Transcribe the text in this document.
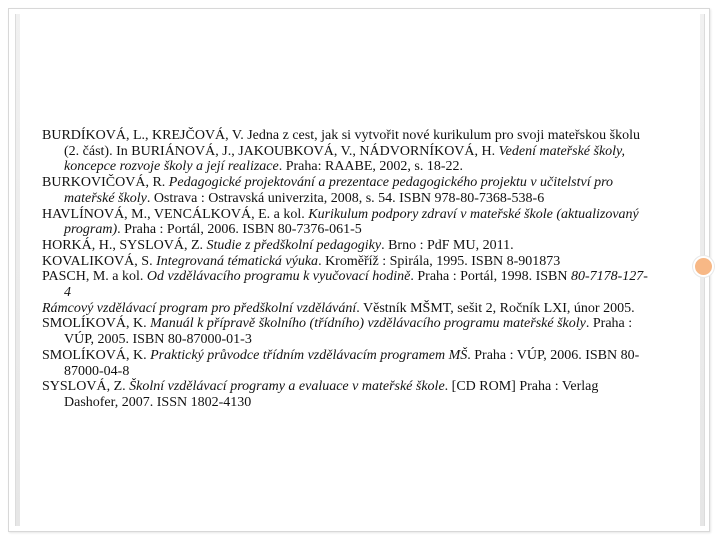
BURDÍKOVÁ, L., KREJČOVÁ, V. Jedna z cest, jak si vytvořit nové kurikulum pro svoji mateřskou školu (2. část). In BURIÁNOVÁ, J., JAKOUBKOVÁ, V., NÁDVORNÍKOVÁ, H. Vedení mateřské školy, koncepce rozvoje školy a její realizace. Praha: RAABE, 2002, s. 18-22.

BURKOVIČOVÁ, R. Pedagogické projektování a prezentace pedagogického projektu v učitelství pro mateřské školy. Ostrava : Ostravská univerzita, 2008, s. 54. ISBN 978-80-7368-538-6

HAVLÍNOVÁ, M., VENCÁLKOVÁ, E. a kol. Kurikulum podpory zdraví v mateřské škole (aktualizovaný program). Praha : Portál, 2006. ISBN 80-7376-061-5

HORKÁ, H., SYSLOVÁ, Z. Studie z předškolní pedagogiky. Brno : PdF MU, 2011.

KOVALIKOVÁ, S. Integrovaná tématická výuka. Kroměříž : Spirála, 1995. ISBN 8-901873

PASCH, M. a kol. Od vzdělávacího programu k vyučovací hodině. Praha : Portál, 1998. ISBN 80-7178-127-4

Rámcový vzdělávací program pro předškolní vzdělávání. Věstník MŠMT, sešit 2, Ročník LXI, únor 2005.

SMOLÍKOVÁ, K. Manuál k přípravě školního (třídního) vzdělávacího programu mateřské školy. Praha : VÚP, 2005. ISBN 80-87000-01-3

SMOLÍKOVÁ, K. Praktický průvodce třídním vzdělávacím programem MŠ. Praha : VÚP, 2006. ISBN 80-87000-04-8

SYSLOVÁ, Z. Školní vzdělávací programy a evaluace v mateřské škole. [CD ROM] Praha : Verlag Dashofer, 2007. ISSN 1802-4130
